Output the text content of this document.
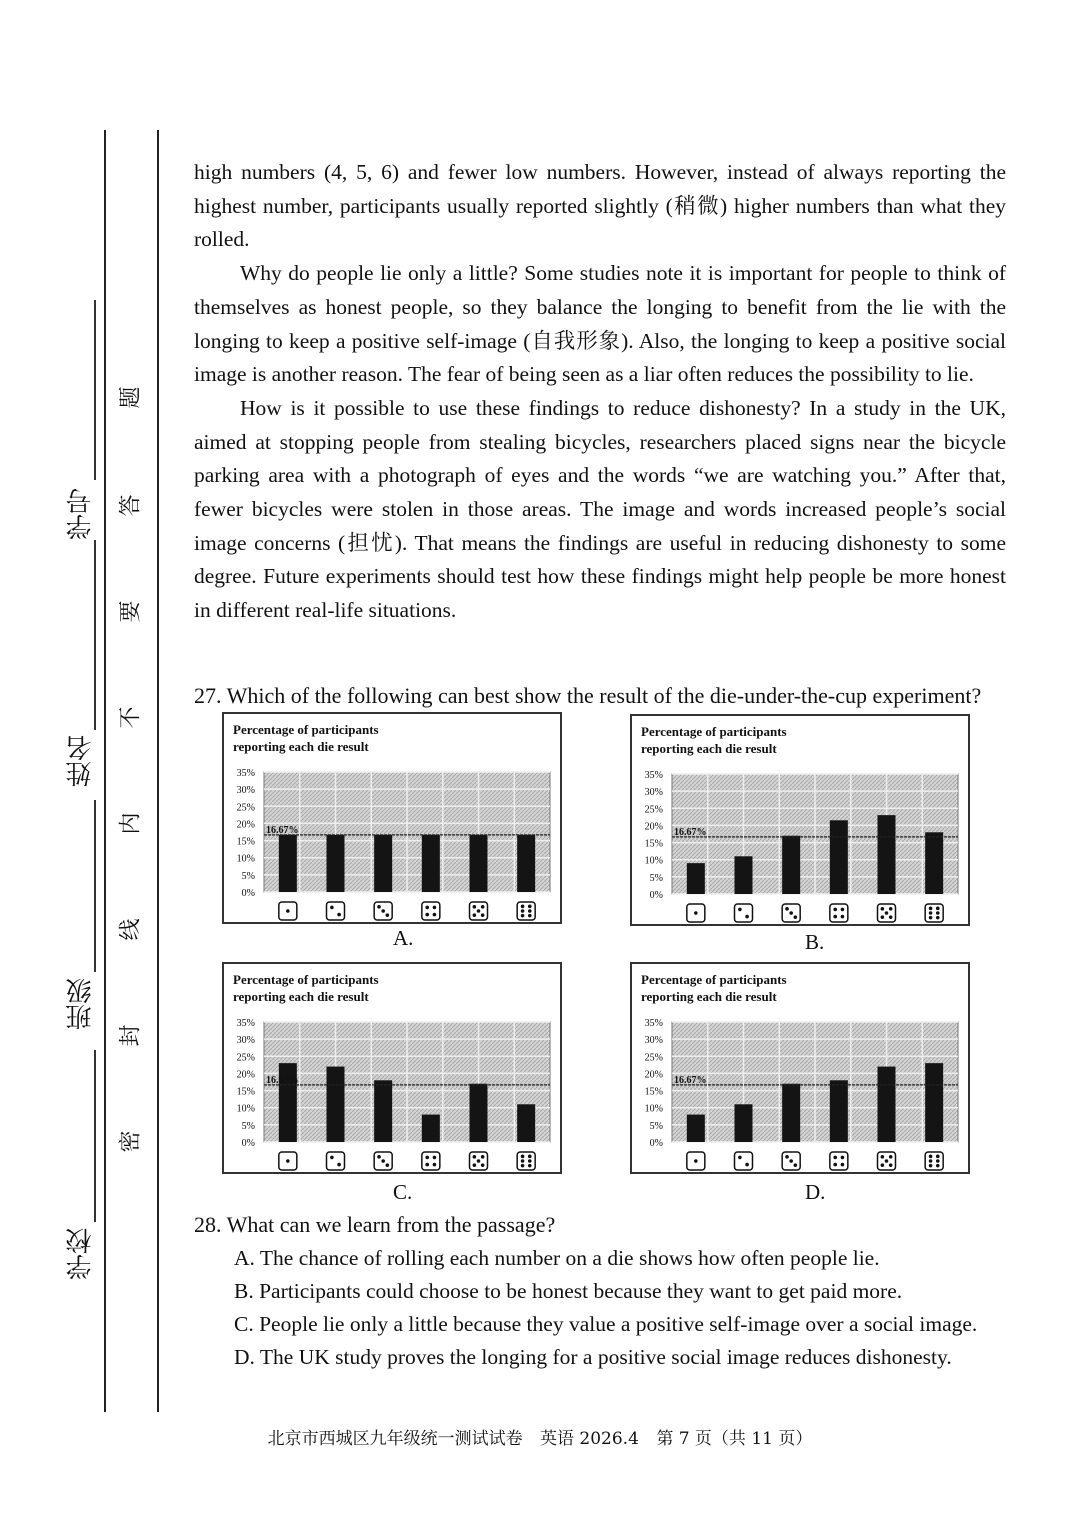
学号
姓名
班级
学校
题
答
要
不
内
线
封
密

high numbers (4, 5, 6) and fewer low numbers. However, instead of always reporting the highest number, participants usually reported slightly (稍微) higher numbers than what they rolled.

Why do people lie only a little? Some studies note it is important for people to think of themselves as honest people, so they balance the longing to benefit from the lie with the longing to keep a positive self-image (自我形象). Also, the longing to keep a positive social image is another reason. The fear of being seen as a liar often reduces the possibility to lie.

How is it possible to use these findings to reduce dishonesty? In a study in the UK, aimed at stopping people from stealing bicycles, researchers placed signs near the bicycle parking area with a photograph of eyes and the words “we are watching you.” After that, fewer bicycles were stolen in those areas. The image and words increased people’s social image concerns (担忧). That means the findings are useful in reducing dishonesty to some degree. Future experiments should test how these findings might help people be more honest in different real-life situations.

27. Which of the following can best show the result of the die-under-the-cup experiment?
Percentage of participants
reporting each die result
35%
30%
25%
20%
15%
10%
5%
0%
16.67%
A.
Percentage of participants
reporting each die result
35%
30%
25%
20%
15%
10%
5%
0%
16.67%
B.
Percentage of participants
reporting each die result
35%
30%
25%
20%
15%
10%
5%
0%
16.67%
C.
Percentage of participants
reporting each die result
35%
30%
25%
20%
15%
10%
5%
0%
16.67%
D.
28. What can we learn from the passage?
A. The chance of rolling each number on a die shows how often people lie.
B. Participants could choose to be honest because they want to get paid more.
C. People lie only a little because they value a positive self-image over a social image.
D. The UK study proves the longing for a positive social image reduces dishonesty.
北京市西城区九年级统一测试试卷 英语 2026.4 第 7 页（共 11 页）
